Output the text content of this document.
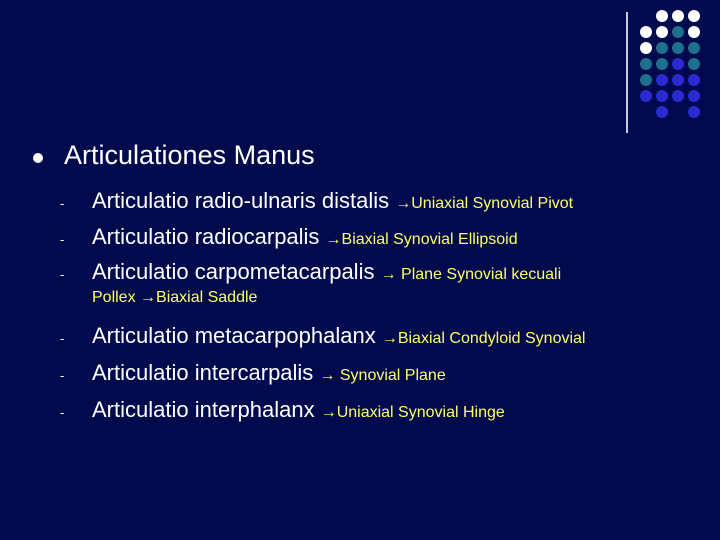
Articulationes Manus
- Articulatio radio-ulnaris distalis →Uniaxial Synovial Pivot
- Articulatio radiocarpalis →Biaxial Synovial Ellipsoid
- Articulatio carpometacarpalis → Plane Synovial kecuali
Pollex →Biaxial Saddle
- Articulatio metacarpophalanx →Biaxial Condyloid Synovial
- Articulatio intercarpalis → Synovial Plane
- Articulatio interphalanx →Uniaxial Synovial Hinge
